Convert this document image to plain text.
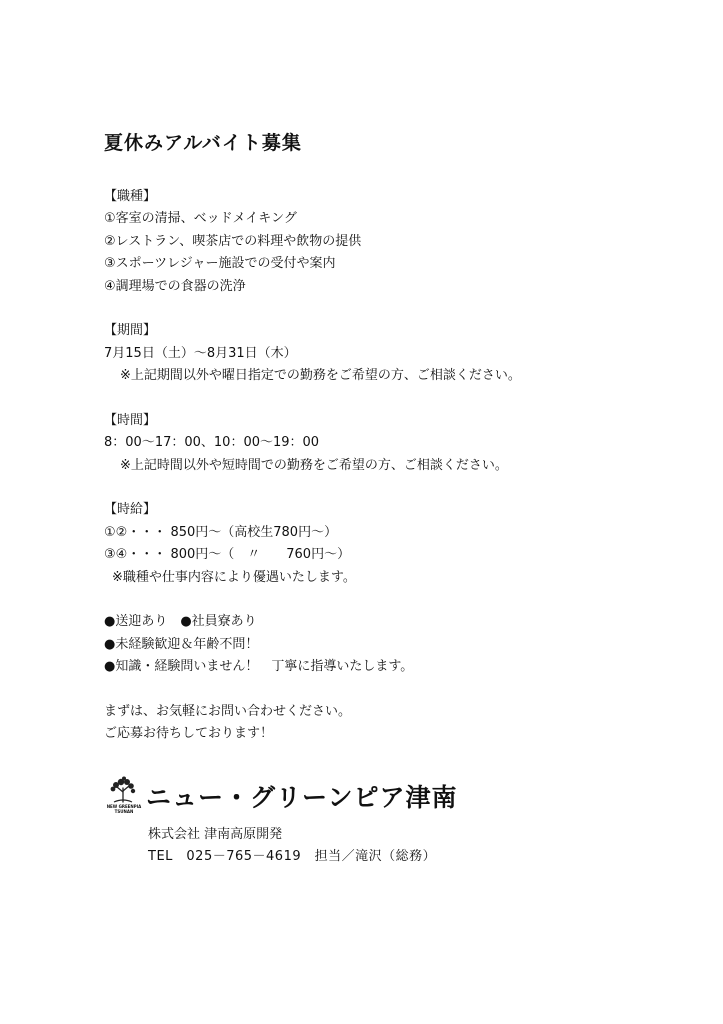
夏休みアルバイト募集
【職種】
①客室の清掃、ベッドメイキング
②レストラン、喫茶店での料理や飲物の提供
③スポーツレジャー施設での受付や案内
④調理場での食器の洗浄
【期間】
7月15日（土）～8月31日（木）
※上記期間以外や曜日指定での勤務をご希望の方、ご相談ください。
【時間】
8：00～17：00、10：00～19：00
※上記時間以外や短時間での勤務をご希望の方、ご相談ください。
【時給】
①②・・・ 850円～（高校生780円～）
③④・・・ 800円～（　〃　　760円～）
※職種や仕事内容により優遇いたします。
●送迎あり　●社員寮あり
●未経験歓迎＆年齢不問！
●知識・経験問いません！　丁寧に指導いたします。
まずは、お気軽にお問い合わせください。
ご応募お待ちしております！
NEW GREENPIA
TSUNAN ニュー・グリーンピア津南
株式会社 津南高原開発
TEL　025－765－4619　担当／滝沢（総務）
